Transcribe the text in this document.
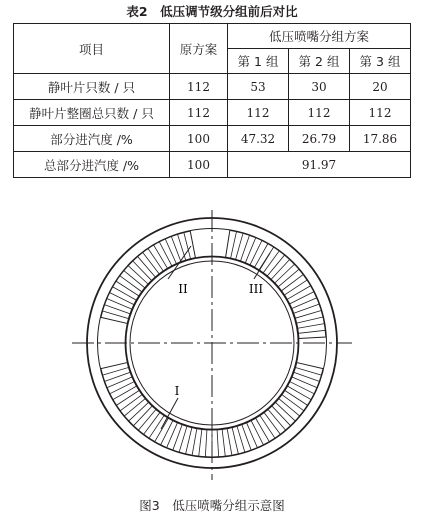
表2　低压调节级分组前后对比
项目	原方案	低压喷嘴分组方案		
		第 1 组	第 2 组	第 3 组
静叶片只数 / 只	112	53	30	20
静叶片整圈总只数 / 只	112	112	112	112
部分进汽度 /%	100	47.32	26.79	17.86
总部分进汽度 /%	100	91.97		
II	III
I
图3　低压喷嘴分组示意图
